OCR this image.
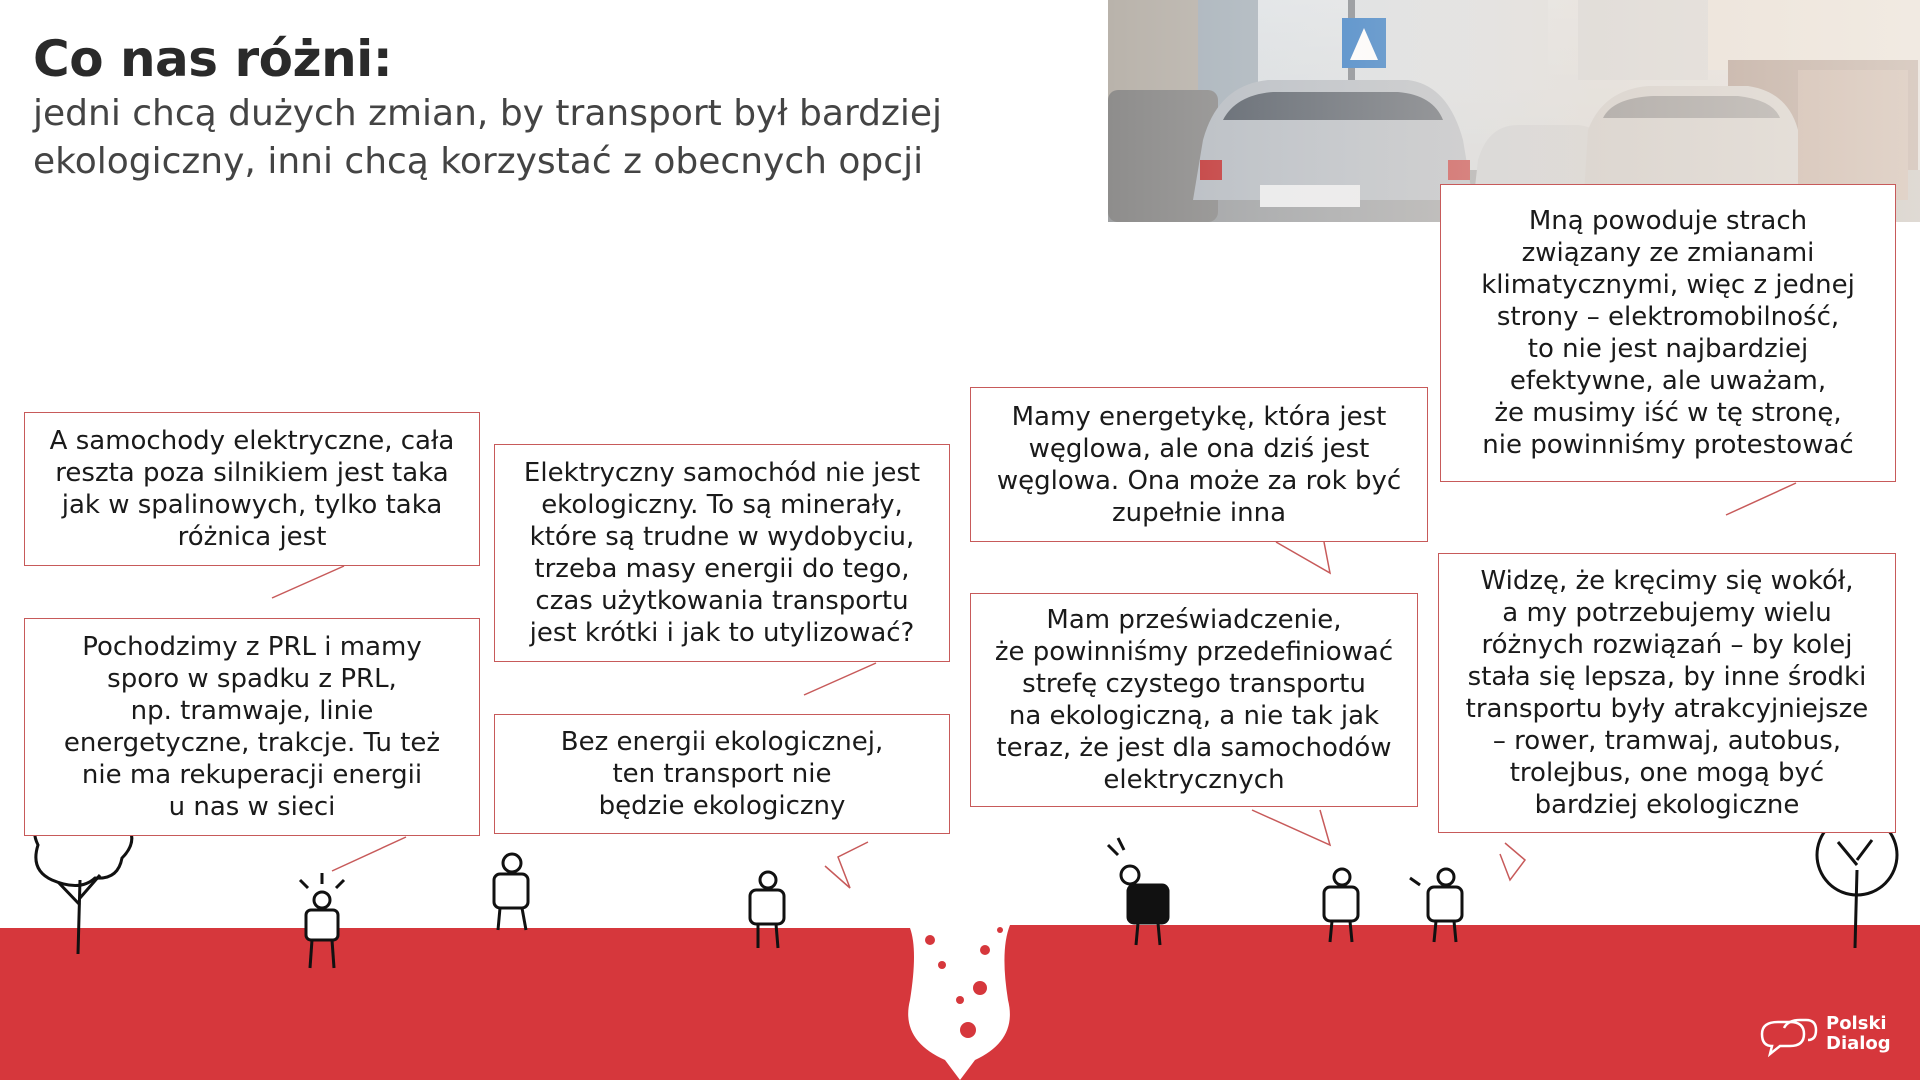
Co nas różni:

jedni chcą dużych zmian, by transport był bardziej ekologiczny, inni chcą korzystać z obecnych opcji

A samochody elektryczne, cała
reszta poza silnikiem jest taka
jak w spalinowych, tylko taka
różnica jest
Pochodzimy z PRL i mamy
sporo w spadku z PRL,
np. tramwaje, linie
energetyczne, trakcje. Tu też
nie ma rekuperacji energii
u nas w sieci
Elektryczny samochód nie jest
ekologiczny. To są minerały,
które są trudne w wydobyciu,
trzeba masy energii do tego,
czas użytkowania transportu
jest krótki i jak to utylizować?
Bez energii ekologicznej,
ten transport nie
będzie ekologiczny
Mamy energetykę, która jest
węglowa, ale ona dziś jest
węglowa. Ona może za rok być
zupełnie inna
Mam przeświadczenie,
że powinniśmy przedefiniować
strefę czystego transportu
na ekologiczną, a nie tak jak
teraz, że jest dla samochodów
elektrycznych
Mną powoduje strach
związany ze zmianami
klimatycznymi, więc z jednej
strony – elektromobilność,
to nie jest najbardziej
efektywne, ale uważam,
że musimy iść w tę stronę,
nie powinniśmy protestować
Widzę, że kręcimy się wokół,
a my potrzebujemy wielu
różnych rozwiązań – by kolej
stała się lepsza, by inne środki
transportu były atrakcyjniejsze
– rower, tramwaj, autobus,
trolejbus, one mogą być
bardziej ekologiczne
Polski
Dialog
